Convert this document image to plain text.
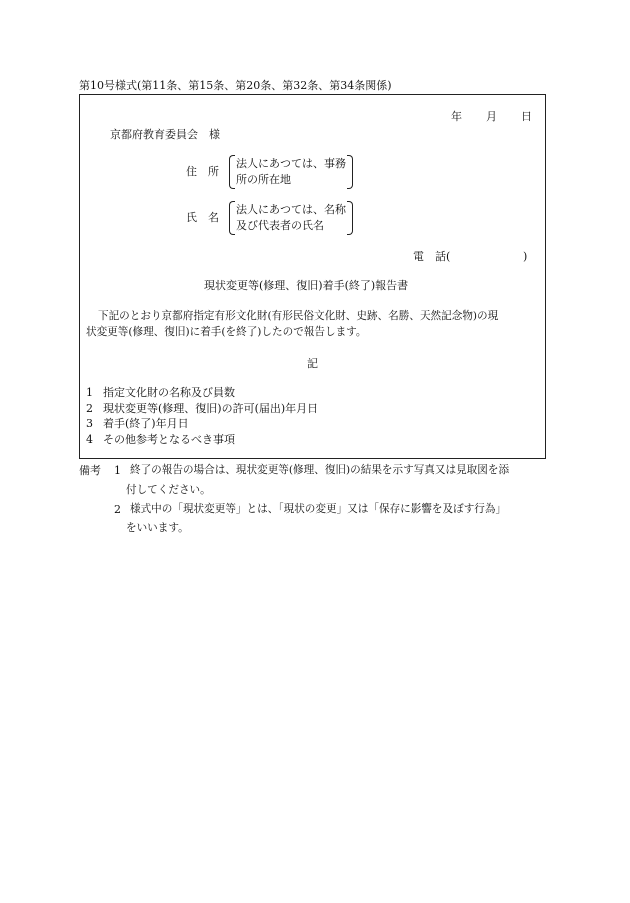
第10号様式(第11条、第15条、第20条、第32条、第34条関係)
年 月 日
京都府教育委員会　様
住　所
法人にあつては、事務
所の所在地
氏　名
法人にあつては、名称
及び代表者の氏名
電　話(	)
現状変更等(修理、復旧)着手(終了)報告書
下記のとおり京都府指定有形文化財(有形民俗文化財、史跡、名勝、天然記念物)の現
状変更等(修理、復旧)に着手(を終了)したので報告します。
記
1 指定文化財の名称及び員数
2 現状変更等(修理、復旧)の許可(届出)年月日
3 着手(終了)年月日
4 その他参考となるべき事項
備考 1 終了の報告の場合は、現状変更等(修理、復旧)の結果を示す写真又は見取図を添
付してください。
2 様式中の「現状変更等」とは、「現状の変更」又は「保存に影響を及ぼす行為」
をいいます。
